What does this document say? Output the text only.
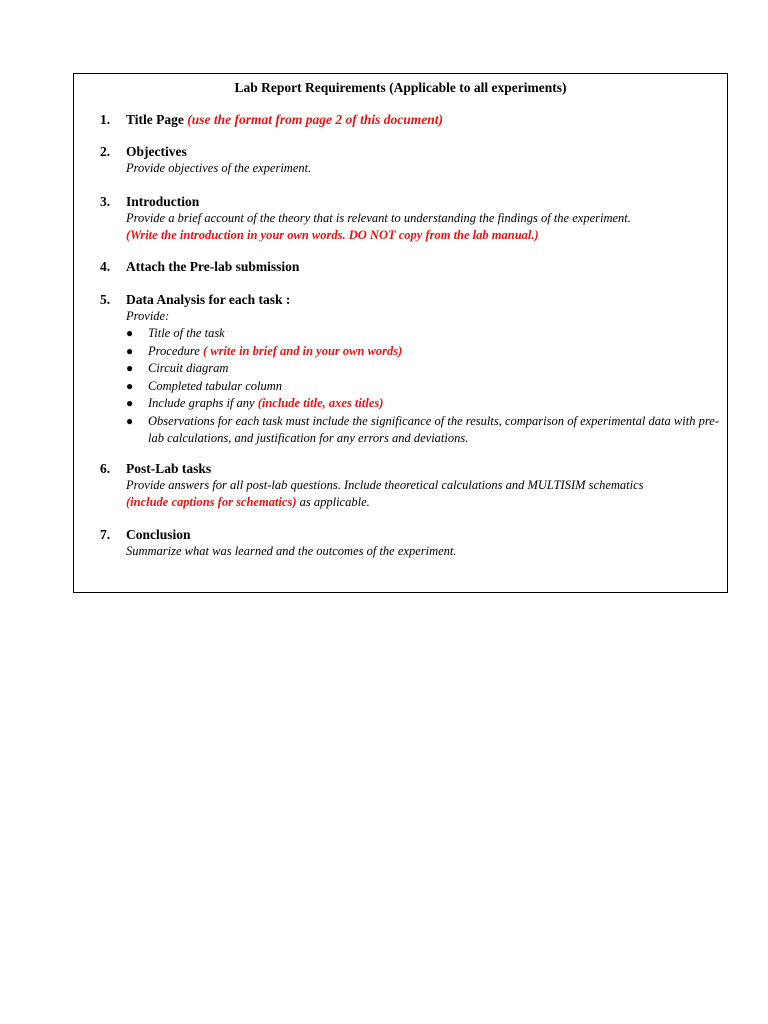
Lab Report Requirements (Applicable to all experiments)
1. Title Page (use the format from page 2 of this document)
2. Objectives
Provide objectives of the experiment.
3. Introduction
Provide a brief account of the theory that is relevant to understanding the findings of the experiment.
(Write the introduction in your own words. DO NOT copy from the lab manual.)
4. Attach the Pre-lab submission
5. Data Analysis for each task :
Provide:
● Title of the task
● Procedure ( write in brief and in your own words)
● Circuit diagram
● Completed tabular column
● Include graphs if any (include title, axes titles)
● Observations for each task must include the significance of the results, comparison of experimental data with pre-lab calculations, and justification for any errors and deviations.
6. Post-Lab tasks
Provide answers for all post-lab questions. Include theoretical calculations and MULTISIM schematics
(include captions for schematics) as applicable.
7. Conclusion
Summarize what was learned and the outcomes of the experiment.
